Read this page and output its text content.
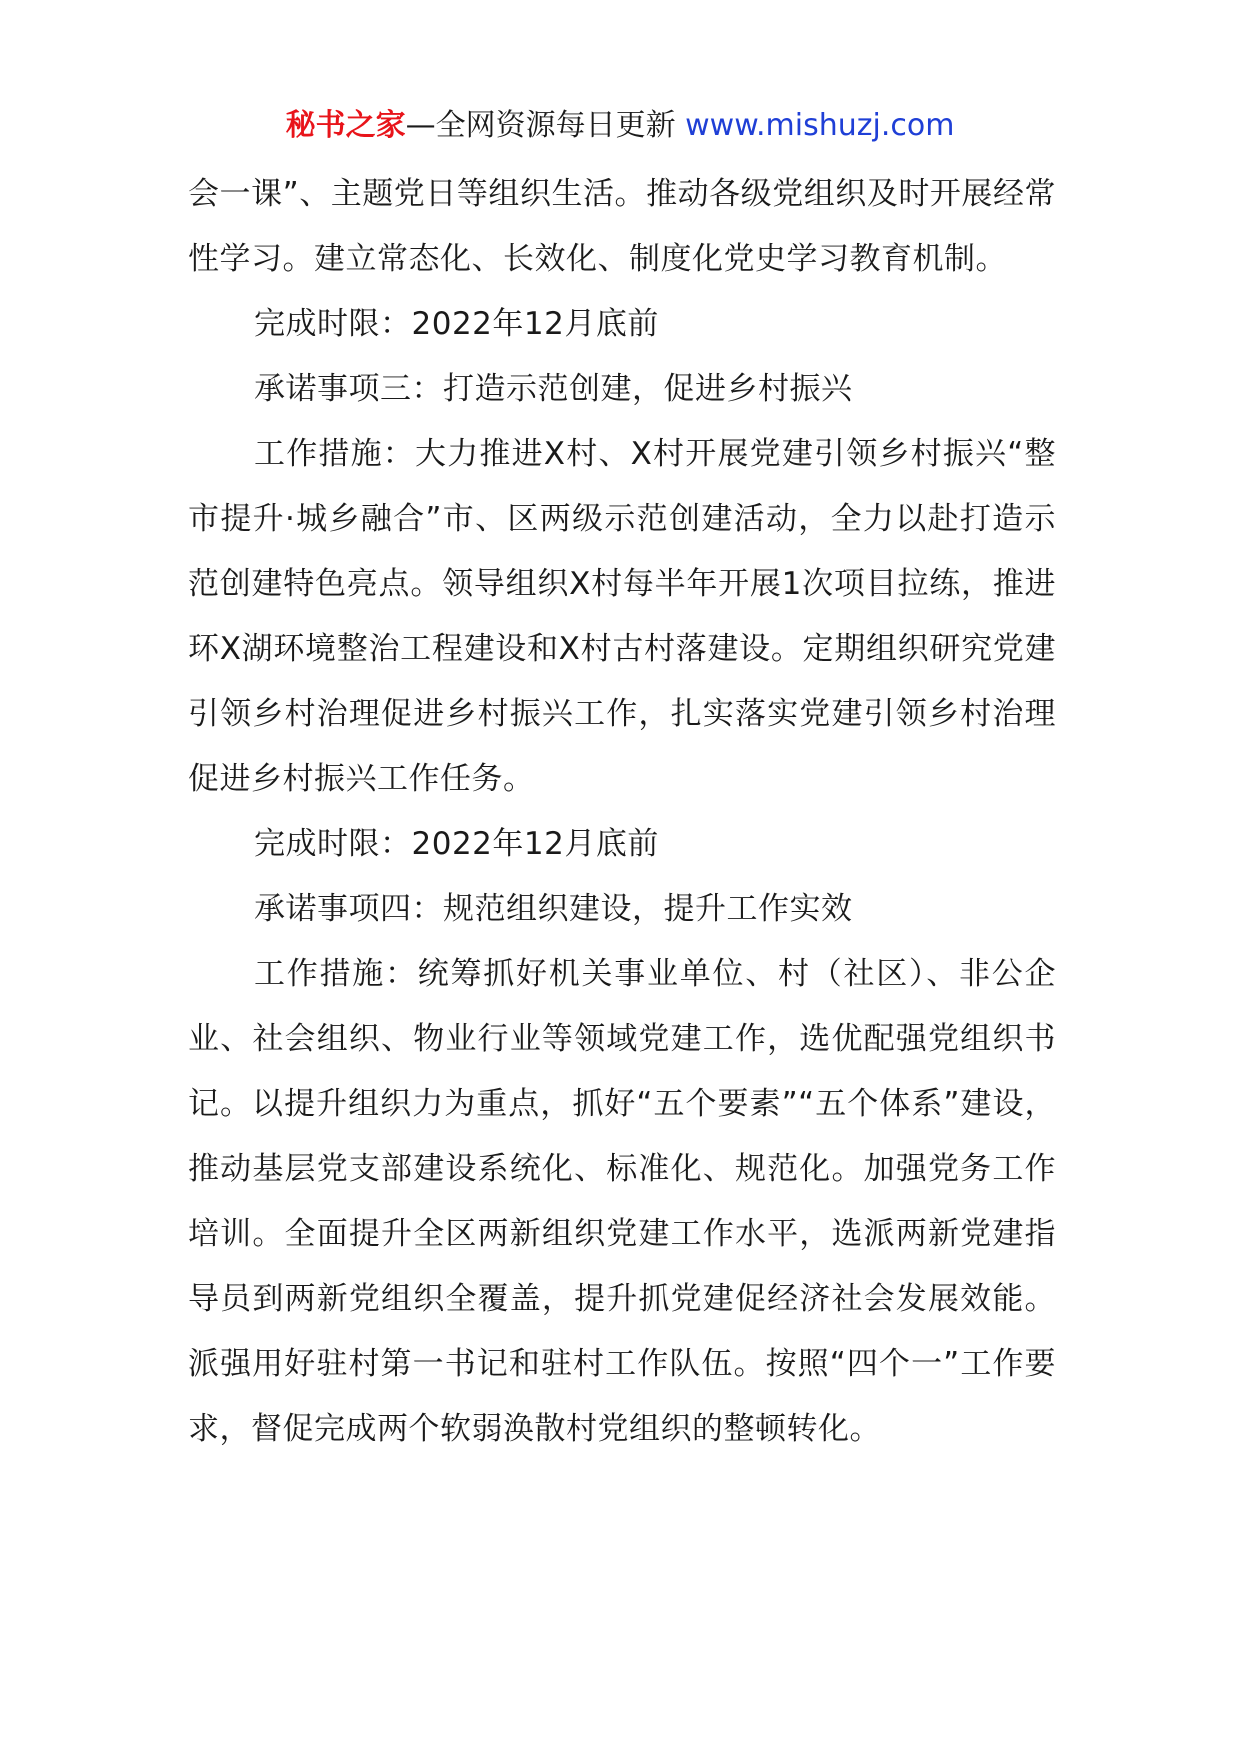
秘书之家—全网资源每日更新 www.mishuzj.com

会一课”、主题党日等组织生活。推动各级党组织及时开展经常性学习。建立常态化、长效化、制度化党史学习教育机制。

完成时限：2022年12月底前

承诺事项三：打造示范创建，促进乡村振兴

工作措施：大力推进X村、X村开展党建引领乡村振兴“整市提升·城乡融合”市、区两级示范创建活动，全力以赴打造示范创建特色亮点。领导组织X村每半年开展1次项目拉练，推进环X湖环境整治工程建设和X村古村落建设。定期组织研究党建引领乡村治理促进乡村振兴工作，扎实落实党建引领乡村治理促进乡村振兴工作任务。

完成时限：2022年12月底前

承诺事项四：规范组织建设，提升工作实效

工作措施：统筹抓好机关事业单位、村（社区）、非公企业、社会组织、物业行业等领域党建工作，选优配强党组织书记。以提升组织力为重点，抓好“五个要素”“五个体系”建设，推动基层党支部建设系统化、标准化、规范化。加强党务工作培训。全面提升全区两新组织党建工作水平，选派两新党建指导员到两新党组织全覆盖，提升抓党建促经济社会发展效能。派强用好驻村第一书记和驻村工作队伍。按照“四个一”工作要求，督促完成两个软弱涣散村党组织的整顿转化。
